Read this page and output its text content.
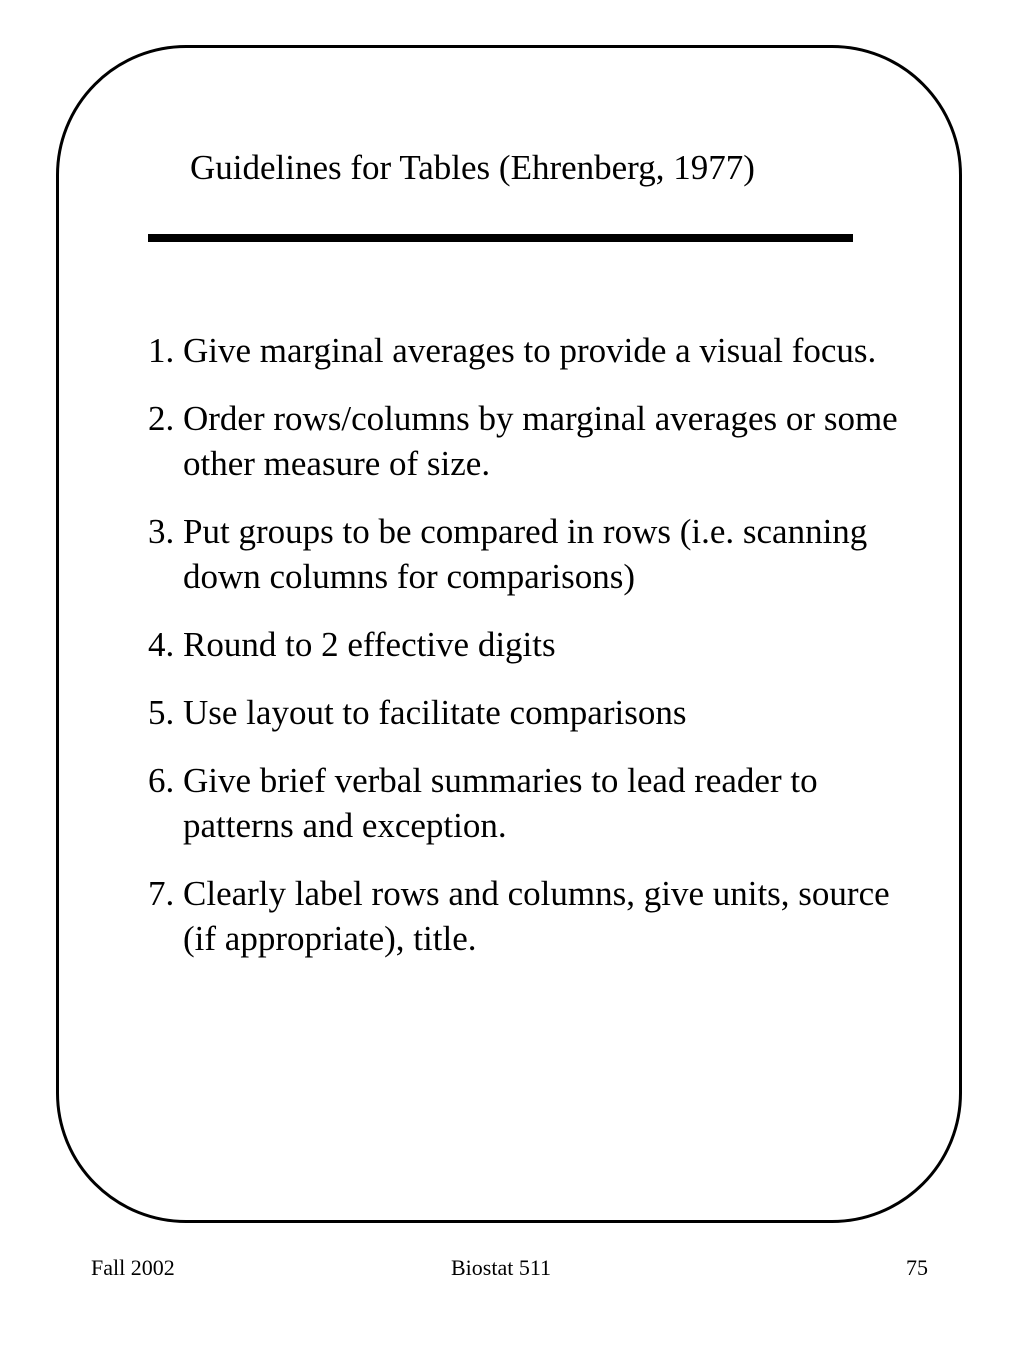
Guidelines for Tables (Ehrenberg, 1977)
1. Give marginal averages to provide a visual focus.
2. Order rows/columns by marginal averages or some other measure of size.
3. Put groups to be compared in rows (i.e. scanning down columns for comparisons)
4. Round to 2 effective digits
5. Use layout to facilitate comparisons
6. Give brief verbal summaries to lead reader to patterns and exception.
7. Clearly label rows and columns, give units, source (if appropriate), title.
Fall 2002	Biostat 511	75
